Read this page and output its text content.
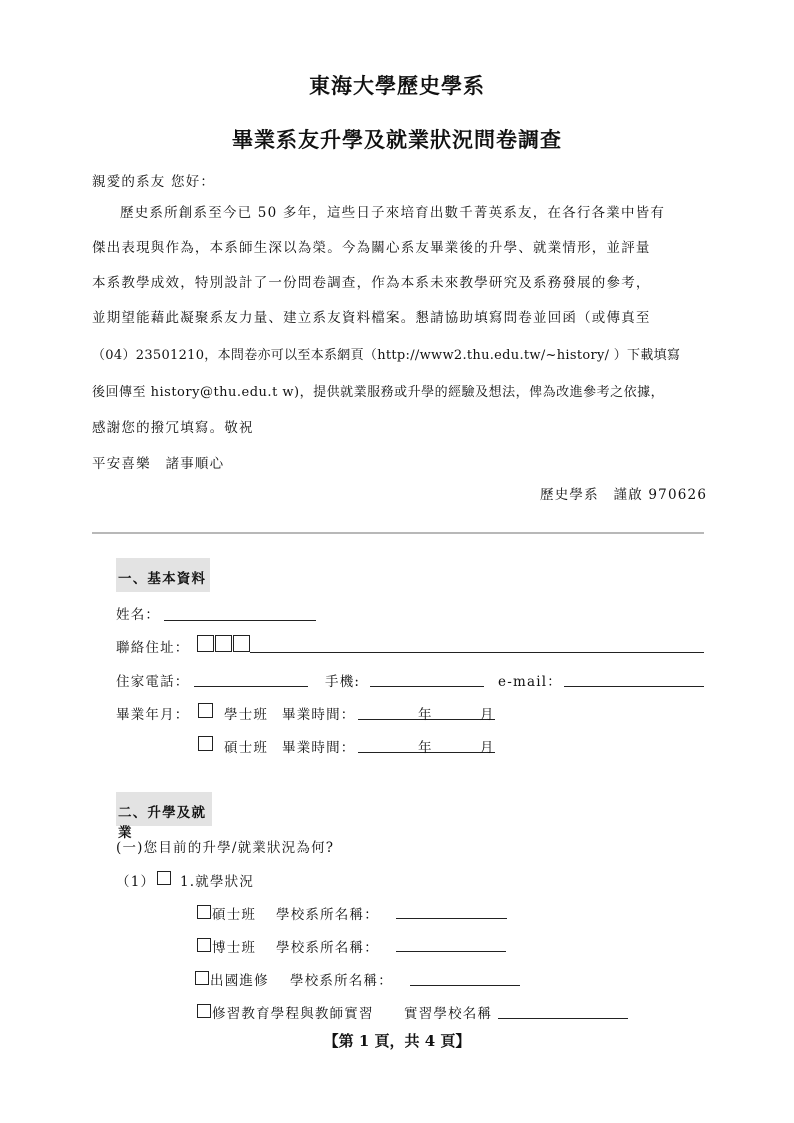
東海大學歷史學系
畢業系友升學及就業狀況問卷調查
親愛的系友 您好：
歷史系所創系至今已 50 多年，這些日子來培育出數千菁英系友，在各行各業中皆有
傑出表現與作為，本系師生深以為榮。今為關心系友畢業後的升學、就業情形，並評量
本系教學成效，特別設計了一份問卷調查，作為本系未來教學研究及系務發展的參考，
並期望能藉此凝聚系友力量、建立系友資料檔案。懇請協助填寫問卷並回函（或傳真至
（04）23501210，本問卷亦可以至本系網頁（http://www2.thu.edu.tw/~history/ ）下載填寫
後回傳至 history@thu.edu.t w)，提供就業服務或升學的經驗及想法，俾為改進參考之依據，
感謝您的撥冗填寫。敬祝
平安喜樂　諸事順心
歷史學系　謹啟 970626
一、基本資料
姓名：
聯絡住址：
住家電話：	手機:	e-mail：
畢業年月：	學士班 畢業時間：	年	月
碩士班 畢業時間：	年	月
二、升學及就業
(一)您目前的升學/就業狀況為何?
（1） 1.就學狀況
碩士班 學校系所名稱：
博士班 學校系所名稱：
出國進修 學校系所名稱：
修習教育學程與教師實習 實習學校名稱
【第 1 頁，共 4 頁】
